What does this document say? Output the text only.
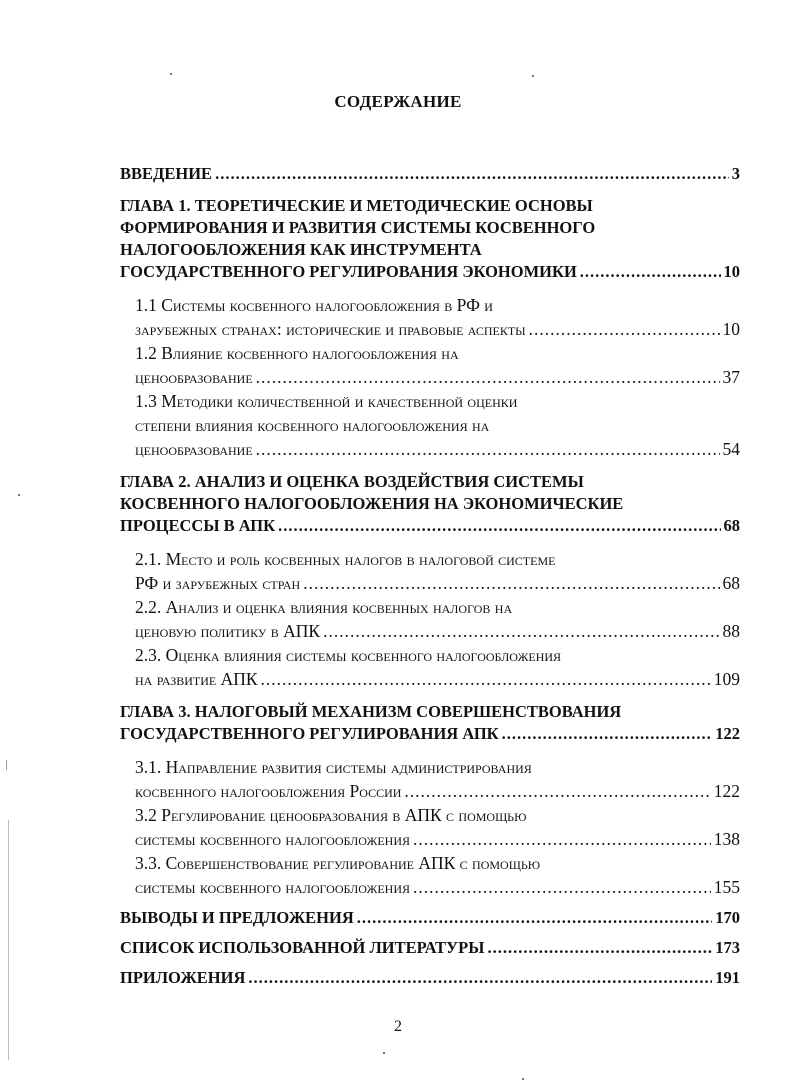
СОДЕРЖАНИЕ
ВВЕДЕНИЕ .....	3
ГЛАВА 1. ТЕОРЕТИЧЕСКИЕ И МЕТОДИЧЕСКИЕ ОСНОВЫ
ФОРМИРОВАНИЯ И РАЗВИТИЯ СИСТЕМЫ КОСВЕННОГО
НАЛОГООБЛОЖЕНИЯ КАК ИНСТРУМЕНТА
ГОСУДАРСТВЕННОГО РЕГУЛИРОВАНИЯ ЭКОНОМИКИ .....	10
1.1 Системы косвенного налогообложения в РФ и
зарубежных странах: исторические и правовые аспекты .....	10
1.2 Влияние косвенного налогообложения на
ценообразование .....	37
1.3 Методики количественной и качественной оценки
степени влияния косвенного налогообложения на
ценообразование .....	54
ГЛАВА 2. АНАЛИЗ И ОЦЕНКА ВОЗДЕЙСТВИЯ СИСТЕМЫ
КОСВЕННОГО НАЛОГООБЛОЖЕНИЯ НА ЭКОНОМИЧЕСКИЕ
ПРОЦЕССЫ В АПК .....	68
2.1. Место и роль косвенных налогов в налоговой системе
РФ и зарубежных стран .....	68
2.2. Анализ и оценка влияния косвенных налогов на
ценовую политику в АПК .....	88
2.3. Оценка влияния системы косвенного налогообложения
на развитие АПК .....	109
ГЛАВА 3. НАЛОГОВЫЙ МЕХАНИЗМ СОВЕРШЕНСТВОВАНИЯ
ГОСУДАРСТВЕННОГО РЕГУЛИРОВАНИЯ АПК .....	122
3.1. Направление развития системы администрирования
косвенного налогообложения России .....	122
3.2 Регулирование ценообразования в АПК с помощью
системы косвенного налогообложения .....	138
3.3. Совершенствование регулирование АПК с помощью
системы косвенного налогообложения .....	155
ВЫВОДЫ И ПРЕДЛОЖЕНИЯ .....	170
СПИСОК ИСПОЛЬЗОВАННОЙ ЛИТЕРАТУРЫ .....	173
ПРИЛОЖЕНИЯ .....	191
2
